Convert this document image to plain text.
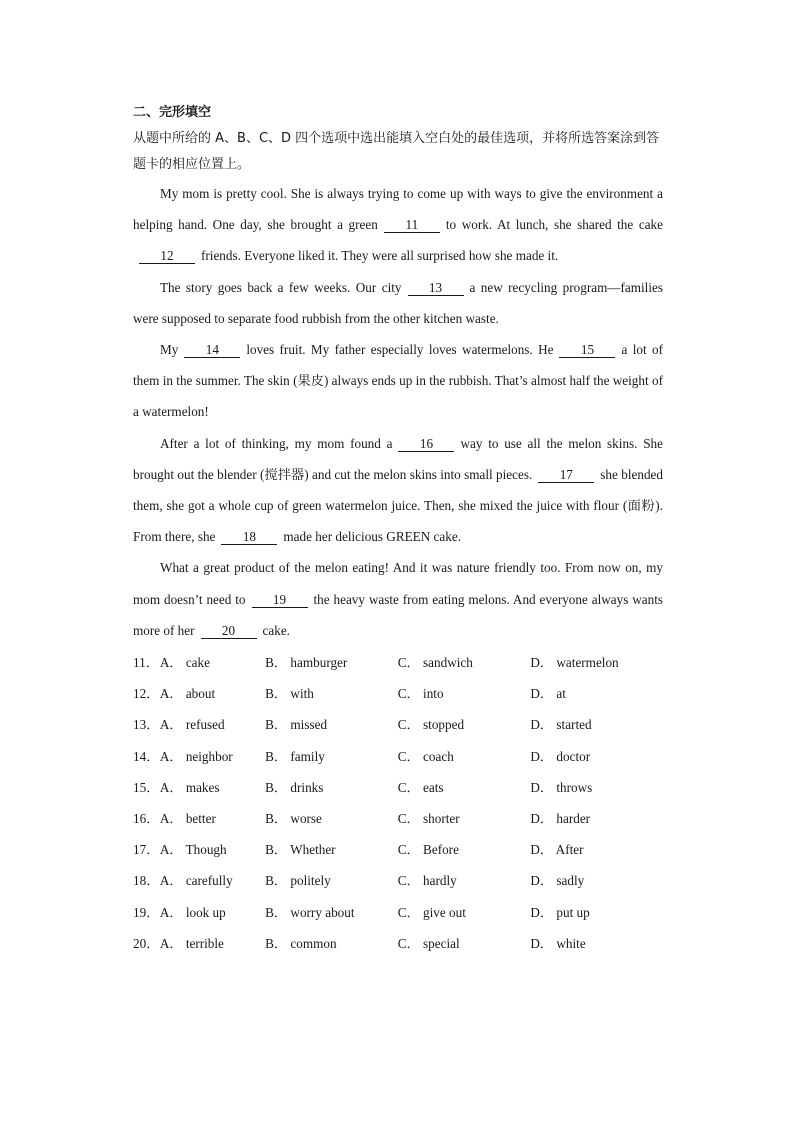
二、完形填空

从题中所给的 A、B、C、D 四个选项中选出能填入空白处的最佳选项，并将所选答案涂到答题卡的相应位置上。

My mom is pretty cool. She is always trying to come up with ways to give the environment a helping hand. One day, she brought a green 11 to work. At lunch, she shared the cake12 friends. Everyone liked it. They were all surprised how she made it.

The story goes back a few weeks. Our city 13 a new recycling program—families were supposed to separate food rubbish from the other kitchen waste.

My 14 loves fruit. My father especially loves watermelons. He 15 a lot of them in the summer. The skin (果皮) always ends up in the rubbish. That’s almost half the weight of a watermelon!

After a lot of thinking, my mom found a 16 way to use all the melon skins. She brought out the blender (搅拌器) and cut the melon skins into small pieces. 17 she blended them, she got a whole cup of green watermelon juice. Then, she mixed the juice with flour (面粉). From there, she 18 made her delicious GREEN cake.

What a great product of the melon eating! And it was nature friendly too. From now on, my mom doesn’t need to 19 the heavy waste from eating melons. And everyone always wants more of her 20 cake.

11． A． cake	B． hamburger	C． sandwich	D． watermelon
12． A． about	B． with	C． into	D． at
13． A． refused	B． missed	C． stopped	D． started
14． A． neighbor	B． family	C． coach	D． doctor
15． A． makes	B． drinks	C． eats	D． throws
16． A． better	B． worse	C． shorter	D． harder
17． A． Though	B． Whether	C． Before	D． After
18． A． carefully	B． politely	C． hardly	D． sadly
19． A． look up	B． worry about	C． give out	D． put up
20． A． terrible	B． common	C． special	D． white
